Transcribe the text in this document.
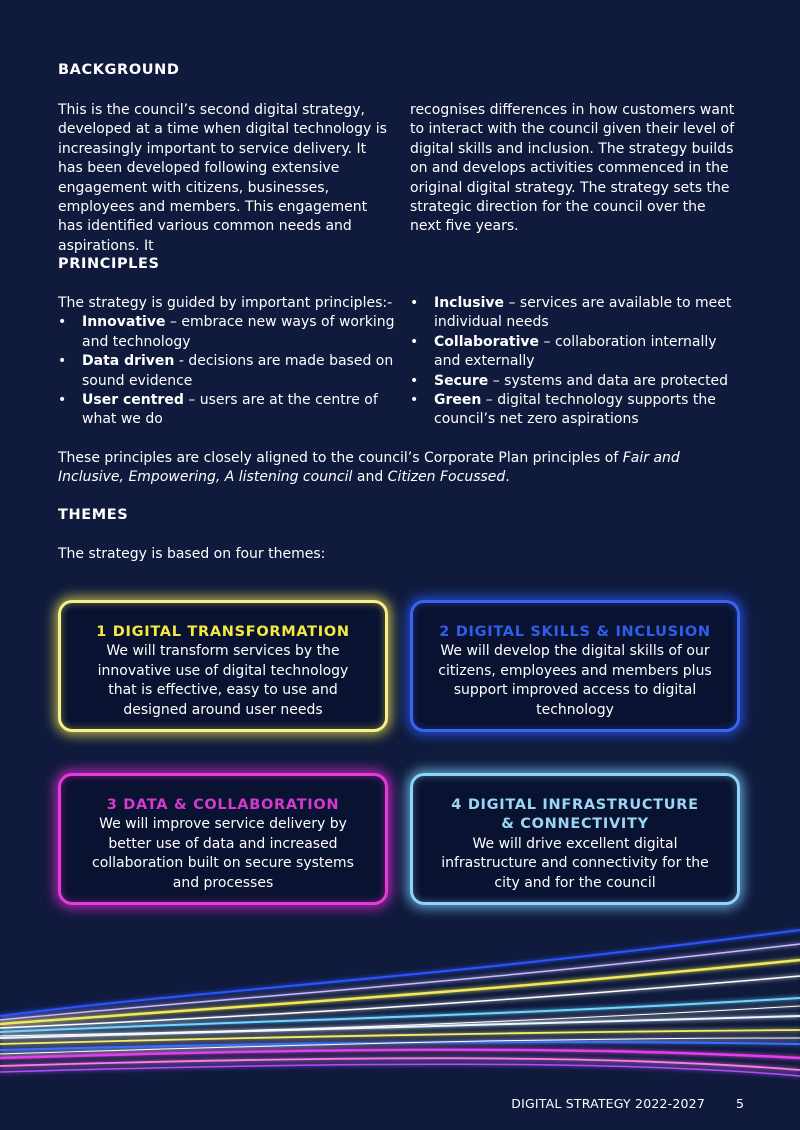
BACKGROUND

This is the council’s second digital strategy, developed at a time when digital technology is increasingly important to service delivery. It has been developed following extensive engagement with citizens, businesses, employees and members. This engagement has identified various common needs and aspirations. It

recognises differences in how customers want to interact with the council given their level of digital skills and inclusion. The strategy builds on and develops activities commenced in the original digital strategy. The strategy sets the strategic direction for the council over the next five years.

PRINCIPLES

The strategy is guided by important principles:-

• Innovative – embrace new ways of working and technology
• Data driven - decisions are made based on sound evidence
• User centred – users are at the centre of what we do
• Inclusive – services are available to meet individual needs
• Collaborative – collaboration internally and externally
• Secure – systems and data are protected
• Green – digital technology supports the council’s net zero aspirations

These principles are closely aligned to the council’s Corporate Plan principles of Fair and Inclusive, Empowering, A listening council and Citizen Focussed.

THEMES

The strategy is based on four themes:

1 DIGITAL TRANSFORMATION
We will transform services by the innovative use of digital technology that is effective, easy to use and designed around user needs
2 DIGITAL SKILLS & INCLUSION
We will develop the digital skills of our citizens, employees and members plus support improved access to digital technology
3 DATA & COLLABORATION
We will improve service delivery by better use of data and increased collaboration built on secure systems and processes
4 DIGITAL INFRASTRUCTURE
& CONNECTIVITY
We will drive excellent digital infrastructure and connectivity for the city and for the council
DIGITAL STRATEGY 2022-2027 5
